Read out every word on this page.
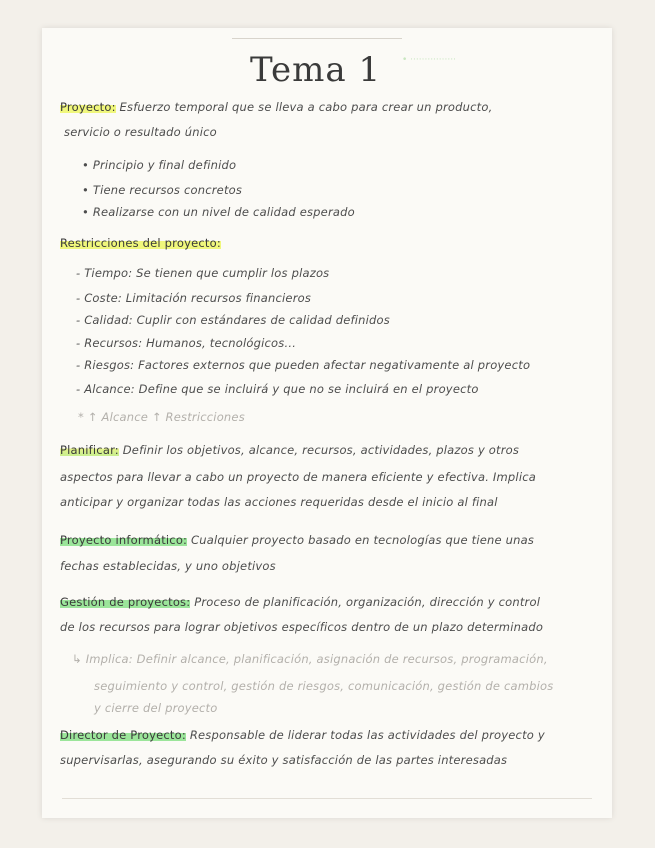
Tema 1 • ················
Proyecto: Esfuerzo temporal que se lleva a cabo para crear un producto,
servicio o resultado único
• Principio y final definido
• Tiene recursos concretos
• Realizarse con un nivel de calidad esperado
Restricciones del proyecto:
- Tiempo: Se tienen que cumplir los plazos
- Coste: Limitación recursos financieros
- Calidad: Cuplir con estándares de calidad definidos
- Recursos: Humanos, tecnológicos...
- Riesgos: Factores externos que pueden afectar negativamente al proyecto
- Alcance: Define que se incluirá y que no se incluirá en el proyecto
* ↑ Alcance ↑ Restricciones
Planificar: Definir los objetivos, alcance, recursos, actividades, plazos y otros
aspectos para llevar a cabo un proyecto de manera eficiente y efectiva. Implica
anticipar y organizar todas las acciones requeridas desde el inicio al final
Proyecto informático: Cualquier proyecto basado en tecnologías que tiene unas
fechas establecidas, y uno objetivos
Gestión de proyectos: Proceso de planificación, organización, dirección y control
de los recursos para lograr objetivos específicos dentro de un plazo determinado
↳ Implica: Definir alcance, planificación, asignación de recursos, programación,
seguimiento y control, gestión de riesgos, comunicación, gestión de cambios
y cierre del proyecto
Director de Proyecto: Responsable de liderar todas las actividades del proyecto y
supervisarlas, asegurando su éxito y satisfacción de las partes interesadas
